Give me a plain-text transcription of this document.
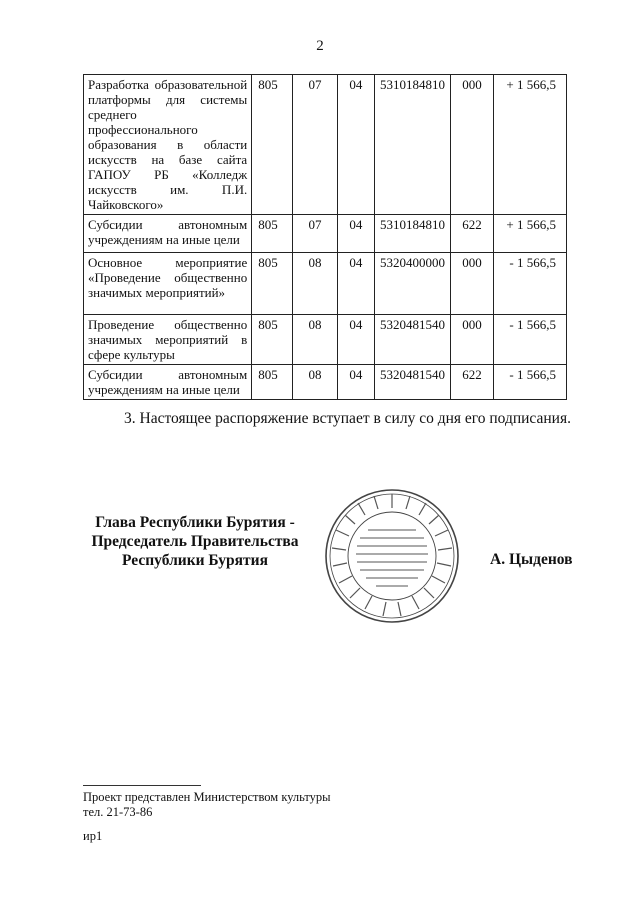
2
Разработка образовательной платформы для системы среднего профессионального образования в области искусств на базе сайта ГАПОУ РБ «Колледж искусств им. П.И. Чайковского»	805	07	04	5310184810	000	+ 1 566,5
Субсидии автономным учреждениям на иные цели	805	07	04	5310184810	622	+ 1 566,5
Основное мероприятие «Проведение общественно значимых мероприятий»	805	08	04	5320400000	000	- 1 566,5
Проведение общественно значимых мероприятий в сфере культуры	805	08	04	5320481540	000	- 1 566,5
Субсидии автономным учреждениям на иные цели	805	08	04	5320481540	622	- 1 566,5
3. Настоящее распоряжение вступает в силу со дня его подписания.
Глава Республики Бурятия -
Председатель Правительства
Республики Бурятия	А. Цыденов
Проект представлен Министерством культуры
тел. 21-73-86
ир1
